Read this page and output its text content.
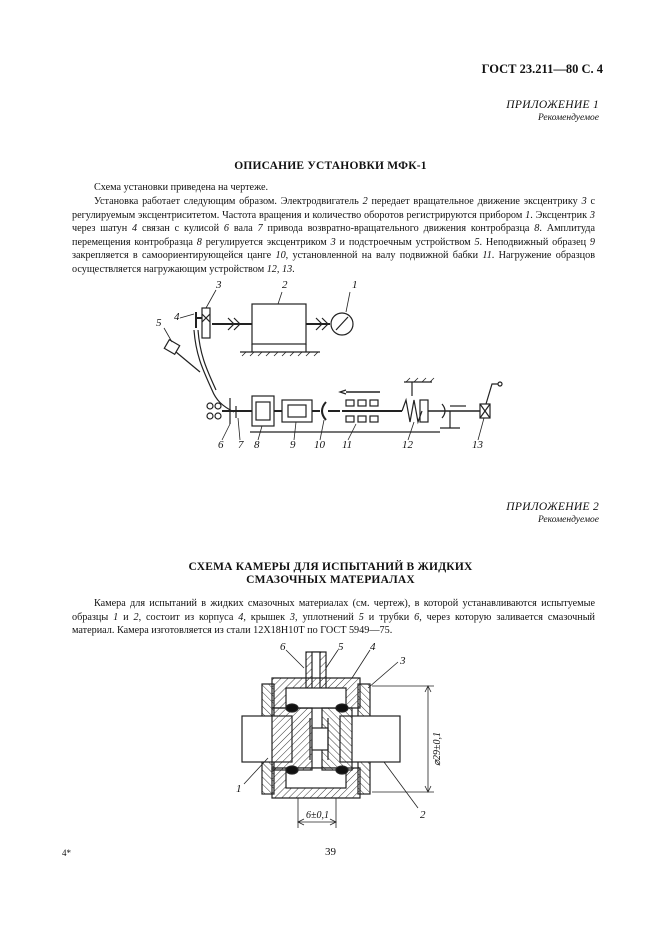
ГОСТ 23.211—80 С. 4
ПРИЛОЖЕНИЕ 1
Рекомендуемое
ОПИСАНИЕ УСТАНОВКИ МФК-1
Схема установки приведена на чертеже.
Установка работает следующим образом. Электродвигатель 2 передает вращательное движение эксцентрику 3 с регулируемым эксцентриситетом. Частота вращения и количество оборотов регистрируются прибором 1. Эксцентрик 3 через шатун 4 связан с кулисой 6 вала 7 привода возвратно-вращательного движения контробразца 8. Амплитуда перемещения контробразца 8 регулируется эксцентриком 3 и подстроечным устройством 5. Неподвижный образец 9 закрепляется в самоориентирующейся цанге 10, установленной на валу подвижной бабки 11. Нагружение образцов осуществляется нагружающим устройством 12, 13.
1
2
3
4
5
6 7 8	9 10 11	12	13
ПРИЛОЖЕНИЕ 2
Рекомендуемое
СХЕМА КАМЕРЫ ДЛЯ ИСПЫТАНИЙ В ЖИДКИХ
СМАЗОЧНЫХ МАТЕРИАЛАХ
Камера для испытаний в жидких смазочных материалах (см. чертеж), в которой устанавливаются испытуемые образцы 1 и 2, состоит из корпуса 4, крышек 3, уплотнений 5 и трубки 6, через которую заливается смазочный материал. Камера изготовляется из стали 12Х18Н10Т по ГОСТ 5949—75.
6	5 4
3
1
2
6±0,1
⌀29±0,1
4*	39
